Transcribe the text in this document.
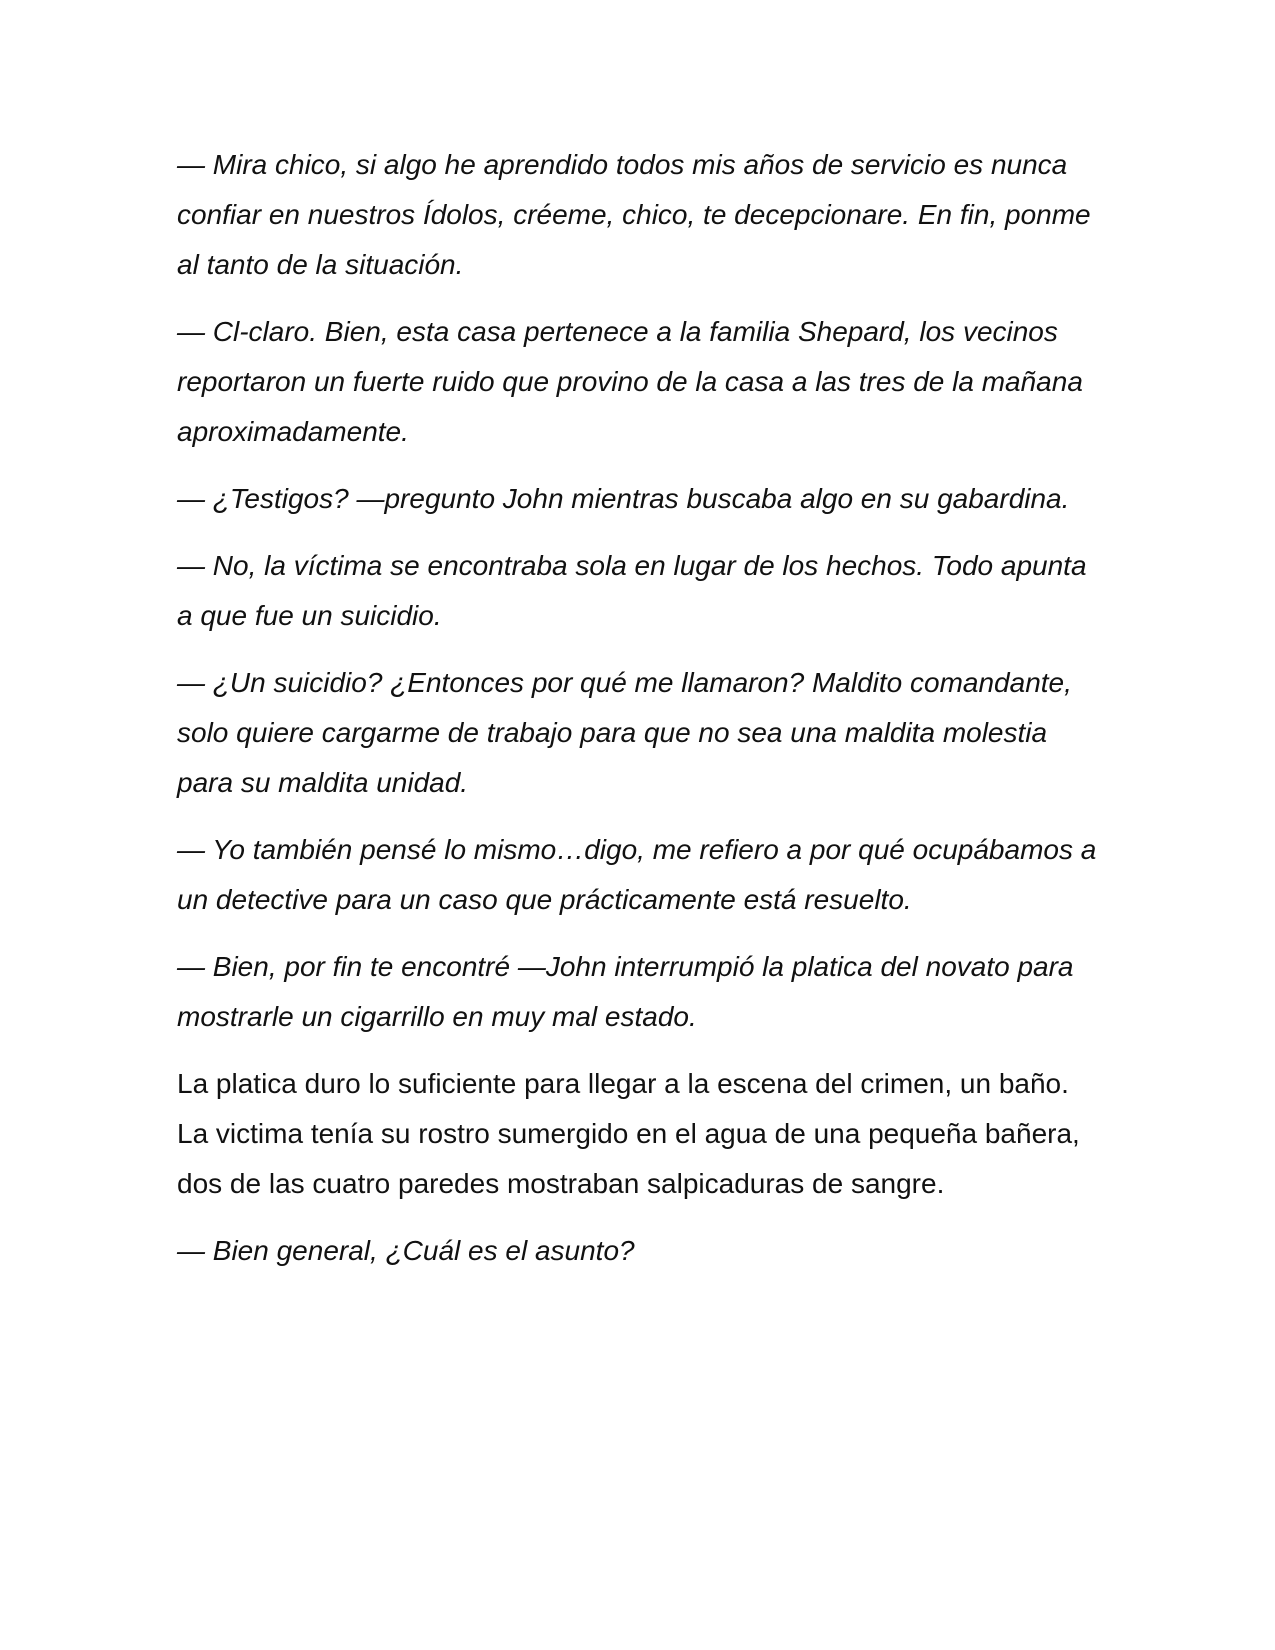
— Mira chico, si algo he aprendido todos mis años de servicio es nunca confiar en nuestros Ídolos, créeme, chico, te decepcionare. En fin, ponme al tanto de la situación.

— Cl-claro. Bien, esta casa pertenece a la familia Shepard, los vecinos reportaron un fuerte ruido que provino de la casa a las tres de la mañana aproximadamente.

— ¿Testigos? —pregunto John mientras buscaba algo en su gabardina.

— No, la víctima se encontraba sola en lugar de los hechos. Todo apunta a que fue un suicidio.

— ¿Un suicidio? ¿Entonces por qué me llamaron? Maldito comandante, solo quiere cargarme de trabajo para que no sea una maldita molestia para su maldita unidad.

— Yo también pensé lo mismo…digo, me refiero a por qué ocupábamos a un detective para un caso que prácticamente está resuelto.

— Bien, por fin te encontré —John interrumpió la platica del novato para mostrarle un cigarrillo en muy mal estado.

La platica duro lo suficiente para llegar a la escena del crimen, un baño. La victima tenía su rostro sumergido en el agua de una pequeña bañera, dos de las cuatro paredes mostraban salpicaduras de sangre.

— Bien general, ¿Cuál es el asunto?
